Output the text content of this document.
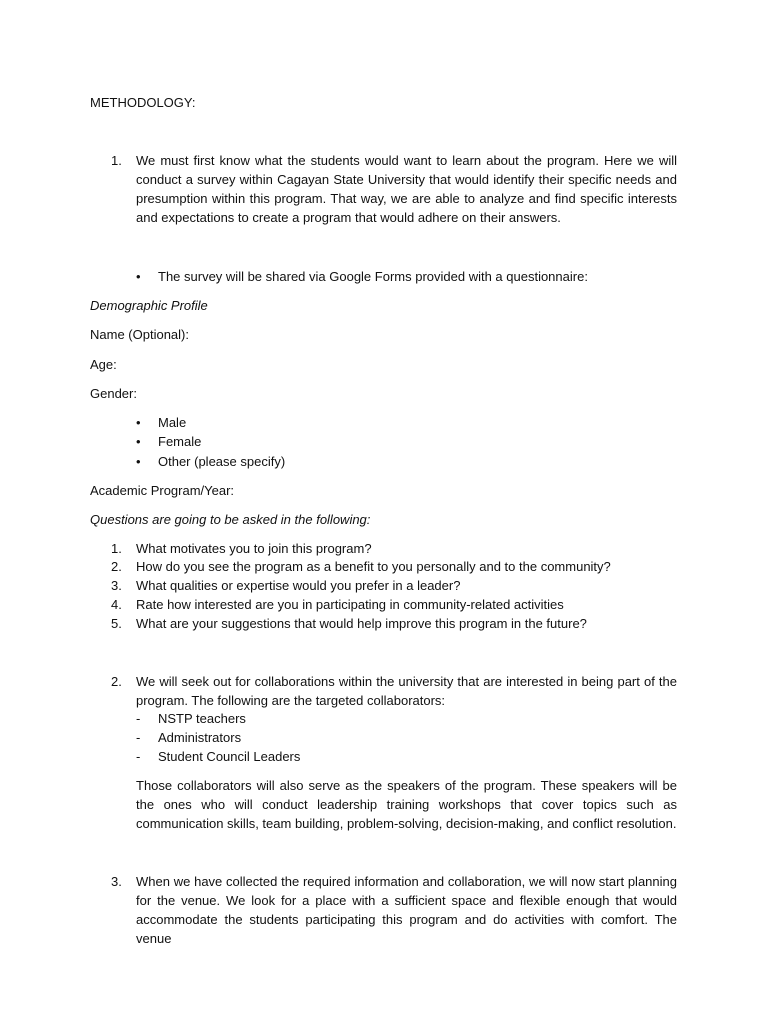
METHODOLOGY:
1.	We must first know what the students would want to learn about the program. Here we will conduct a survey within Cagayan State University that would identify their specific needs and presumption within this program. That way, we are able to analyze and find specific interests and expectations to create a program that would adhere on their answers.
•	The survey will be shared via Google Forms provided with a questionnaire:
Demographic Profile
Name (Optional):
Age:
Gender:
•	Male
•	Female
•	Other (please specify)
Academic Program/Year:
Questions are going to be asked in the following:
1. What motivates you to join this program?
2. How do you see the program as a benefit to you personally and to the community?
3. What qualities or expertise would you prefer in a leader?
4. Rate how interested are you in participating in community-related activities
5. What are your suggestions that would help improve this program in the future?
2.	We will seek out for collaborations within the university that are interested in being part of the program. The following are the targeted collaborators:
- NSTP teachers
- Administrators
- Student Council Leaders
Those collaborators will also serve as the speakers of the program. These speakers will be the ones who will conduct leadership training workshops that cover topics such as communication skills, team building, problem-solving, decision-making, and conflict resolution.
3.	When we have collected the required information and collaboration, we will now start planning for the venue. We look for a place with a sufficient space and flexible enough that would accommodate the students participating this program and do activities with comfort. The venue
